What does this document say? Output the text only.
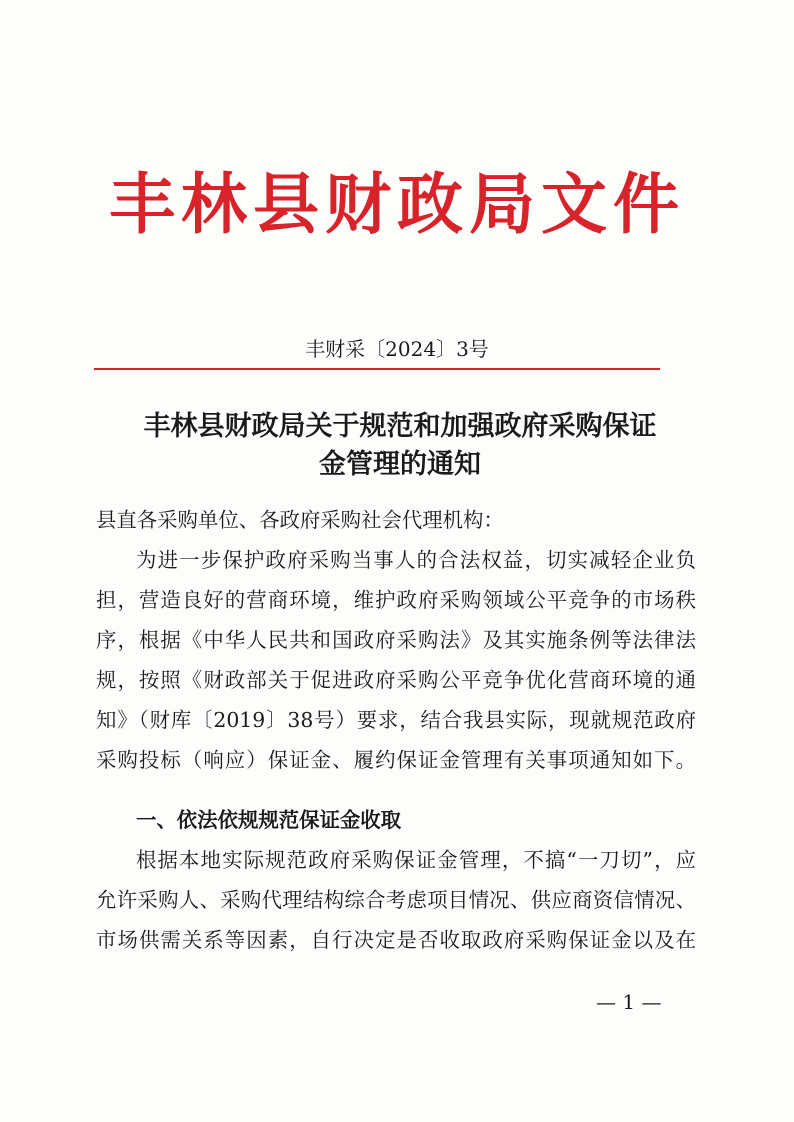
丰林县财政局文件
丰财采〔2024〕3号
丰林县财政局关于规范和加强政府采购保证
金管理的通知
县直各采购单位、各政府采购社会代理机构：
为进一步保护政府采购当事人的合法权益，切实减轻企业负
担，营造良好的营商环境，维护政府采购领域公平竞争的市场秩
序，根据《中华人民共和国政府采购法》及其实施条例等法律法
规，按照《财政部关于促进政府采购公平竞争优化营商环境的通
知》（财库〔2019〕38号）要求，结合我县实际，现就规范政府
采购投标（响应）保证金、履约保证金管理有关事项通知如下。
一、依法依规规范保证金收取
根据本地实际规范政府采购保证金管理，不搞“一刀切”，应
允许采购人、采购代理结构综合考虑项目情况、供应商资信情况、
市场供需关系等因素，自行决定是否收取政府采购保证金以及在
— 1 —
